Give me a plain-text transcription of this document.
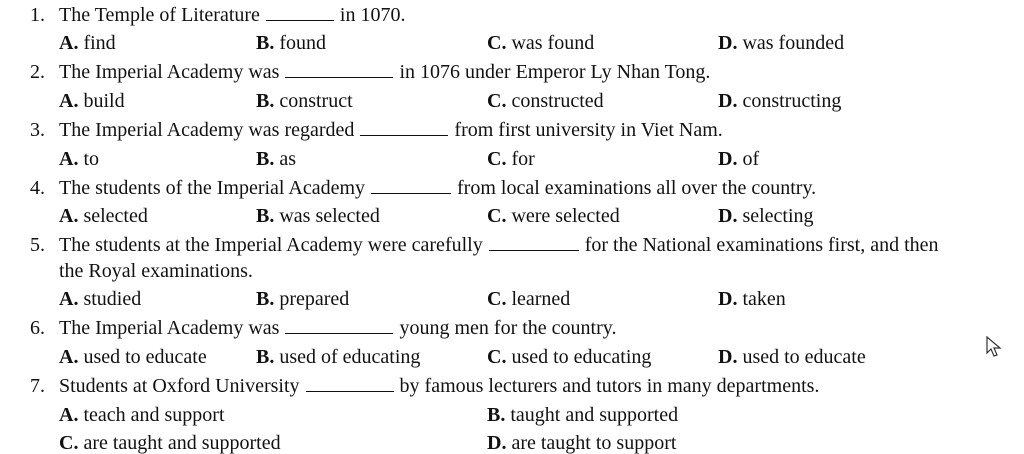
1. The Temple of Literature	in 1070.
A. find	B. found	C. was found	D. was founded
2. The Imperial Academy was	in 1076 under Emperor Ly Nhan Tong.
A. build	B. construct	C. constructed	D. constructing
3. The Imperial Academy was regarded	from first university in Viet Nam.
A. to	B. as	C. for	D. of
4. The students of the Imperial Academy	from local examinations all over the country.
A. selected	B. was selected	C. were selected	D. selecting
5. The students at the Imperial Academy were carefully	for the National examinations first, and then
the Royal examinations.
A. studied	B. prepared	C. learned	D. taken
6. The Imperial Academy was	young men for the country.
A. used to educate B. used of educating	C. used to educating	D. used to educate
7. Students at Oxford University	by famous lecturers and tutors in many departments.
A. teach and support	B. taught and supported
C. are taught and supported	D. are taught to support
